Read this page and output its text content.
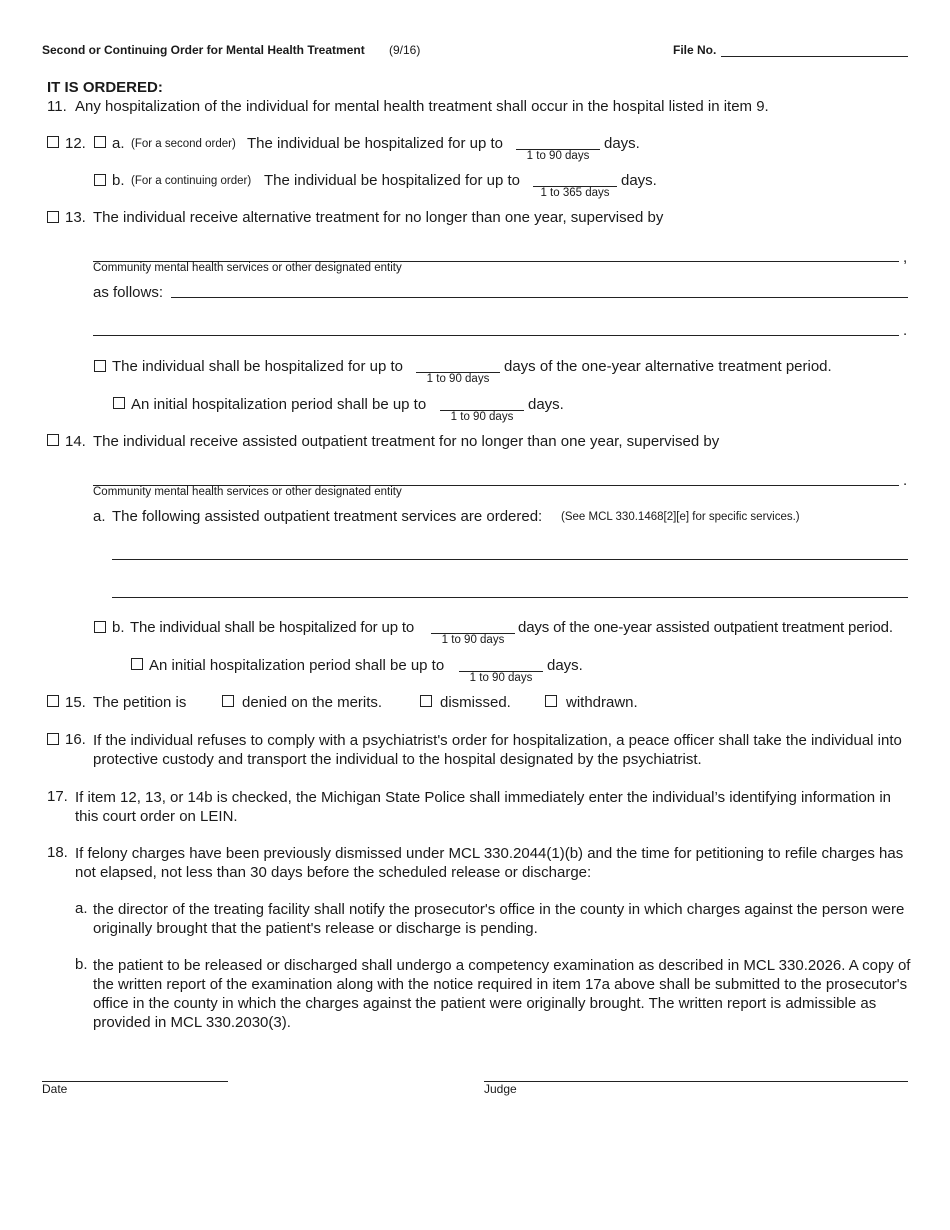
Second or Continuing Order for Mental Health Treatment (9/16)	File No.
IT IS ORDERED:
11. Any hospitalization of the individual for mental health treatment shall occur in the hospital listed in item 9.
12. a. (For a second order) The individual be hospitalized for up to	days.
1 to 90 days
b. (For a continuing order) The individual be hospitalized for up to	days.
1 to 365 days
13. The individual receive alternative treatment for no longer than one year, supervised by
,
Community mental health services or other designated entity
as follows:
.
The individual shall be hospitalized for up to	days of the one-year alternative treatment period.
1 to 90 days
An initial hospitalization period shall be up to	days.
1 to 90 days
14. The individual receive assisted outpatient treatment for no longer than one year, supervised by
.
Community mental health services or other designated entity
a. The following assisted outpatient treatment services are ordered: (See MCL 330.1468[2][e] for specific services.)
b. The individual shall be hospitalized for up to	days of the one-year assisted outpatient treatment period.
1 to 90 days
An initial hospitalization period shall be up to	days.
1 to 90 days
15. The petition is	denied on the merits.	dismissed.	withdrawn.
16. If the individual refuses to comply with a psychiatrist's order for hospitalization, a peace officer shall take the individual into protective custody and transport the individual to the hospital designated by the psychiatrist.
17. If item 12, 13, or 14b is checked, the Michigan State Police shall immediately enter the individual’s identifying information in this court order on LEIN.
18. If felony charges have been previously dismissed under MCL 330.2044(1)(b) and the time for petitioning to refile charges has not elapsed, not less than 30 days before the scheduled release or discharge:
a. the director of the treating facility shall notify the prosecutor's office in the county in which charges against the person were originally brought that the patient's release or discharge is pending.
b. the patient to be released or discharged shall undergo a competency examination as described in MCL 330.2026. A copy of the written report of the examination along with the notice required in item 17a above shall be submitted to the prosecutor's office in the county in which the charges against the patient were originally brought. The written report is admissible as provided in MCL 330.2030(3).
Date	Judge
